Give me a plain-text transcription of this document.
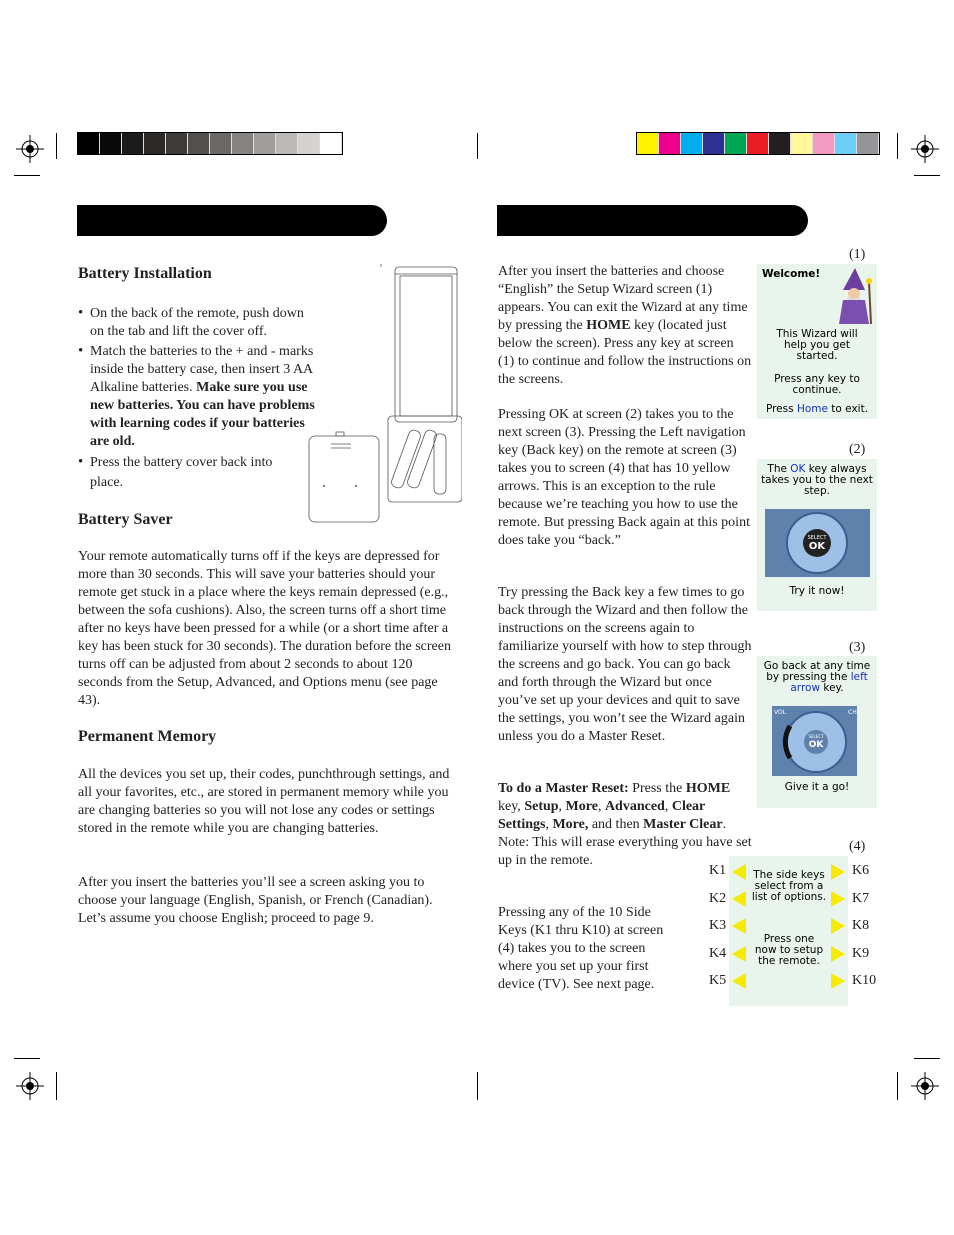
Battery Installation
• On the back of the remote, push down on the tab and lift the cover off.
• Match the batteries to the + and - marks inside the battery case, then insert 3 AA Alkaline batteries. Make sure you use new batteries. You can have problems with learning codes if your batteries are old.
• Press the battery cover back into place.
Battery Saver

Your remote automatically turns off if the keys are depressed for more than 30 seconds. This will save your batteries should your remote get stuck in a place where the keys remain depressed (e.g., between the sofa cushions). Also, the screen turns off a short time after no keys have been pressed for a while (or a short time after a key has been stuck for 30 seconds). The duration before the screen turns off can be adjusted from about 2 seconds to about 120 seconds from the Setup, Advanced, and Options menu (see page 43).

Permanent Memory

All the devices you set up, their codes, punchthrough settings, and all your favorites, etc., are stored in permanent memory while you are changing batteries so you will not lose any codes or settings stored in the remote while you are changing batteries.

After you insert the batteries you’ll see a screen asking you to choose your language (English, Spanish, or French (Canadian). Let’s assume you choose English; proceed to page 9.

After you insert the batteries and choose “English” the Setup Wizard screen (1) appears. You can exit the Wizard at any time by pressing the HOME key (located just below the screen). Press any key at screen (1) to continue and follow the instructions on the screens.

Pressing OK at screen (2) takes you to the next screen (3). Pressing the Left navigation key (Back key) on the remote at screen (3) takes you to screen (4) that has 10 yellow arrows. This is an exception to the rule because we’re teaching you how to use the remote. But pressing Back again at this point does take you “back.”

Try pressing the Back key a few times to go back through the Wizard and then follow the instructions on the screens again to familiarize yourself with how to step through the screens and go back. You can go back and forth through the Wizard but once you’ve set up your devices and quit to save the settings, you won’t see the Wizard again unless you do a Master Reset.

To do a Master Reset: Press the HOME key, Setup, More, Advanced, Clear Settings, More, and then Master Clear. Note: This will erase everything you have set up in the remote.

Pressing any of the 10 Side Keys (K1 thru K10) at screen (4) takes you to the screen where you set up your first device (TV). See next page.

(1)
Welcome!
This Wizard will help you get started.
Press any key to continue.
Press Home to exit.
(2)
The OK key always takes you to the next step.
SELECT
OK
Try it now!
(3)
Go back at any time by pressing the left arrow key.
SELECT
OK
VOL	CH
Give it a go!
(4)
The side keys select from a list of options.
Press one now to setup the remote.
K1
K2
K3
K4
K5
K6
K7
K8
K9
K10
